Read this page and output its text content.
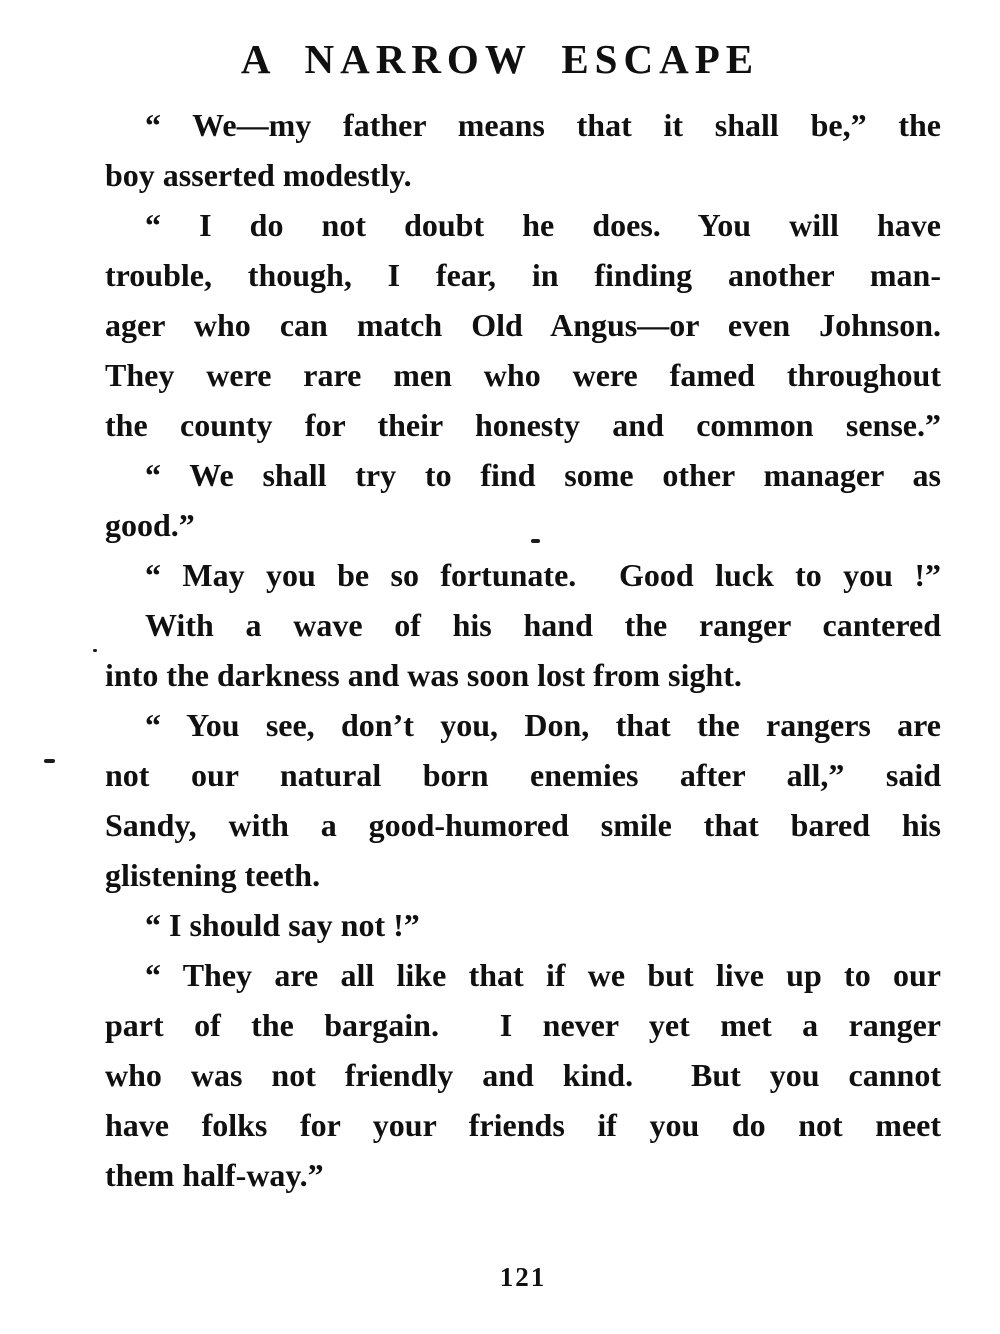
A NARROW ESCAPE

“ We—my father means that it shall be,” the
boy asserted modestly.

“ I do not doubt he does. You will have
trouble, though, I fear, in finding another man-
ager who can match Old Angus—or even Johnson.
They were rare men who were famed throughout
the county for their honesty and common sense.”

“ We shall try to find some other manager as
good.”

“ May you be so fortunate.  Good luck to you !”

With a wave of his hand the ranger cantered
into the darkness and was soon lost from sight.

“ You see, don’t you, Don, that the rangers are
not our natural born enemies after all,” said
Sandy, with a good-humored smile that bared his
glistening teeth.

“ I should say not !”

“ They are all like that if we but live up to our
part of the bargain.  I never yet met a ranger
who was not friendly and kind.  But you cannot
have folks for your friends if you do not meet
them half-way.”

121
